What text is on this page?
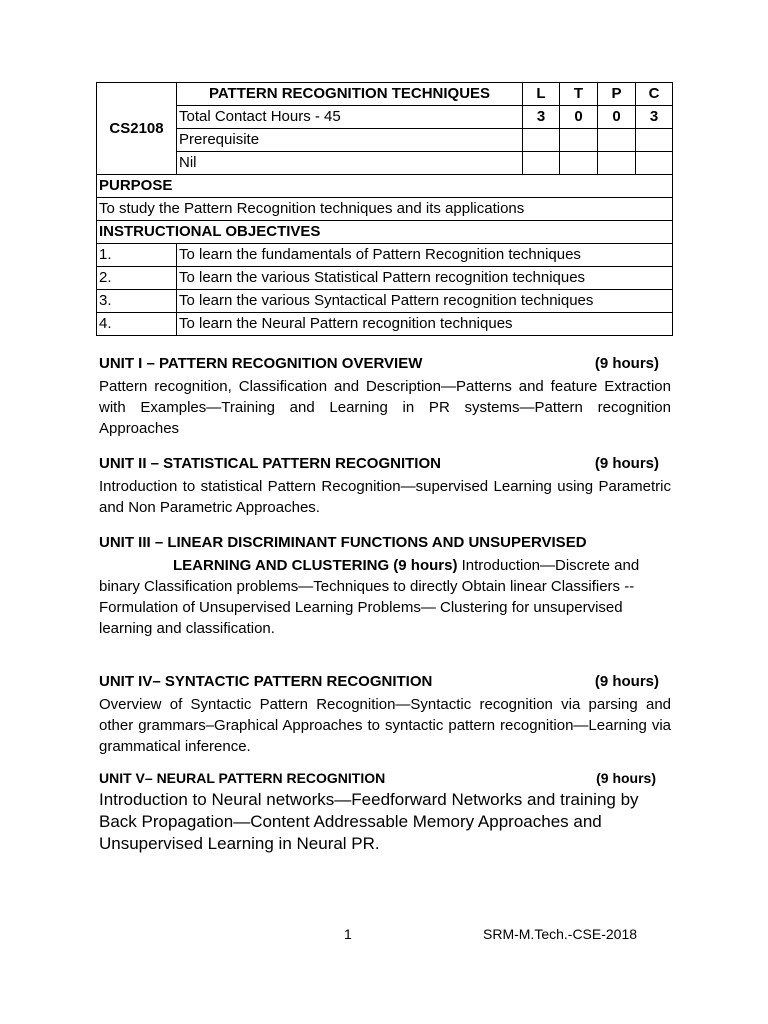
CS2108	PATTERN RECOGNITION TECHNIQUES	L	T	P	C
	Total Contact Hours - 45	3	0	0	3
	Prerequisite				
	Nil				
PURPOSE					
To study the Pattern Recognition techniques and its applications					
INSTRUCTIONAL OBJECTIVES					
1.	To learn the fundamentals of Pattern Recognition techniques				
2.	To learn the various Statistical Pattern recognition techniques				
3.	To learn the various Syntactical Pattern recognition techniques				
4.	To learn the Neural Pattern recognition techniques				
UNIT I – PATTERN RECOGNITION OVERVIEW	(9 hours)
Pattern recognition, Classification and Description—Patterns and feature Extraction with Examples—Training and Learning in PR systems—Pattern recognition Approaches
UNIT II – STATISTICAL PATTERN RECOGNITION	(9 hours)
Introduction to statistical Pattern Recognition—supervised Learning using Parametric and Non Parametric Approaches.
UNIT III – LINEAR DISCRIMINANT FUNCTIONS AND UNSUPERVISED
LEARNING AND CLUSTERING (9 hours) Introduction—Discrete and
binary Classification problems—Techniques to directly Obtain linear Classifiers -- Formulation of Unsupervised Learning Problems— Clustering for unsupervised learning and classification.
UNIT IV– SYNTACTIC PATTERN RECOGNITION	(9 hours)
Overview of Syntactic Pattern Recognition—Syntactic recognition via parsing and other grammars–Graphical Approaches to syntactic pattern recognition—Learning via grammatical inference.
UNIT V– NEURAL PATTERN RECOGNITION	(9 hours)
Introduction to Neural networks—Feedforward Networks and training by Back Propagation—Content Addressable Memory Approaches and Unsupervised Learning in Neural PR.
1	SRM-M.Tech.-CSE-2018
